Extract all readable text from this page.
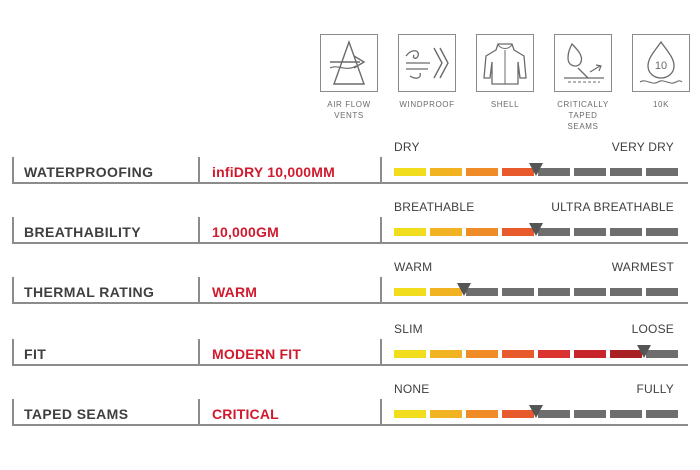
AIR FLOW
VENTS
WINDPROOF	SHELL	CRITICALLY
TAPED SEAMS
10
10K
WATERPROOFING	infiDRY 10,000MM
DRY	VERY DRY
BREATHABILITY	10,000GM
BREATHABLE	ULTRA BREATHABLE
THERMAL RATING	WARM
WARM	WARMEST
FIT	MODERN FIT
SLIM	LOOSE
TAPED SEAMS	CRITICAL
NONE	FULLY
